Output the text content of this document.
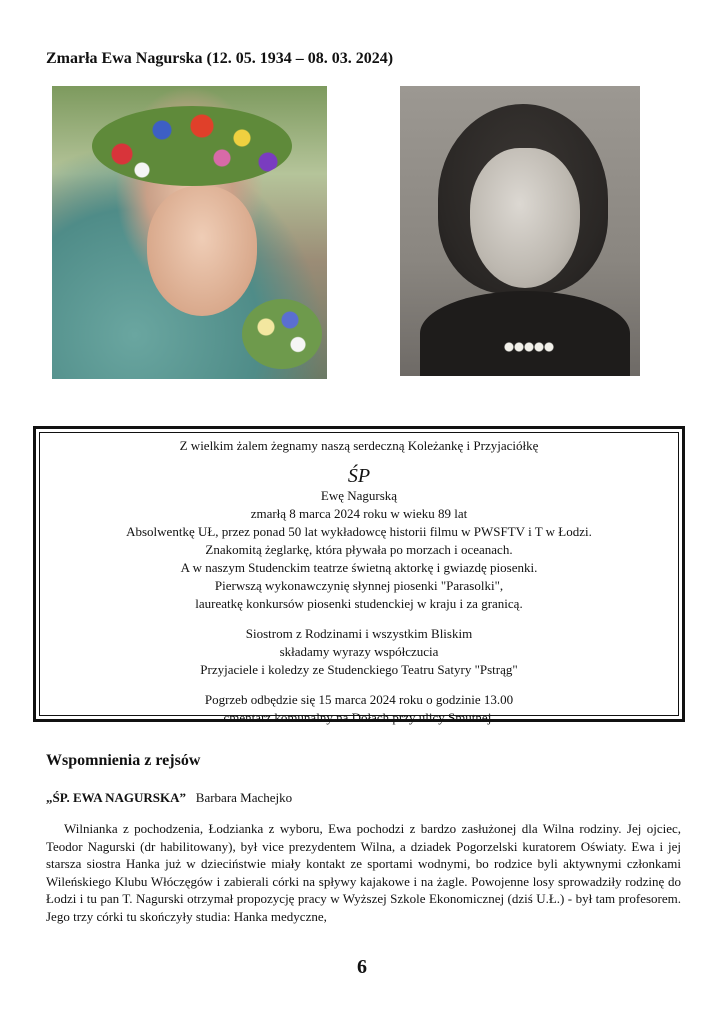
Zmarła Ewa Nagurska (12. 05. 1934 – 08. 03. 2024)

Z wielkim żalem żegnamy naszą serdeczną Koleżankę i Przyjaciółkę

ŚP

Ewę Nagurską

zmarłą 8 marca 2024 roku w wieku 89 lat

Absolwentkę UŁ, przez ponad 50 lat wykładowcę historii filmu w PWSFTV i T w Łodzi.

Znakomitą żeglarkę, która pływała po morzach i oceanach.

A w naszym Studenckim teatrze świetną aktorkę i gwiazdę piosenki.

Pierwszą wykonawczynię słynnej piosenki "Parasolki",

laureatkę konkursów piosenki studenckiej w kraju i za granicą.

Siostrom z Rodzinami i wszystkim Bliskim

składamy wyrazy współczucia

Przyjaciele i koledzy ze Studenckiego Teatru Satyry "Pstrąg"

Pogrzeb odbędzie się 15 marca 2024 roku o godzinie 13.00

cmentarz komunalny na Dołach przy ulicy Smutnej.

Wspomnienia z rejsów
„ŚP. EWA NAGURSKA” Barbara Machejko

Wilnianka z pochodzenia, Łodzianka z wyboru, Ewa pochodzi z bardzo zasłużonej dla Wilna rodziny. Jej ojciec, Teodor Nagurski (dr habilitowany), był vice prezydentem Wilna, a dziadek Pogorzelski kuratorem Oświaty. Ewa i jej starsza siostra Hanka już w dzieciństwie miały kontakt ze sportami wodnymi, bo rodzice byli aktywnymi członkami Wileńskiego Klubu Włóczęgów i zabierali córki na spływy kajakowe i na żagle. Powojenne losy sprowadziły rodzinę do Łodzi i tu pan T. Nagurski otrzymał propozycję pracy w Wyższej Szkole Ekonomicznej (dziś U.Ł.) - był tam profesorem. Jego trzy córki tu skończyły studia: Hanka medyczne,

6
